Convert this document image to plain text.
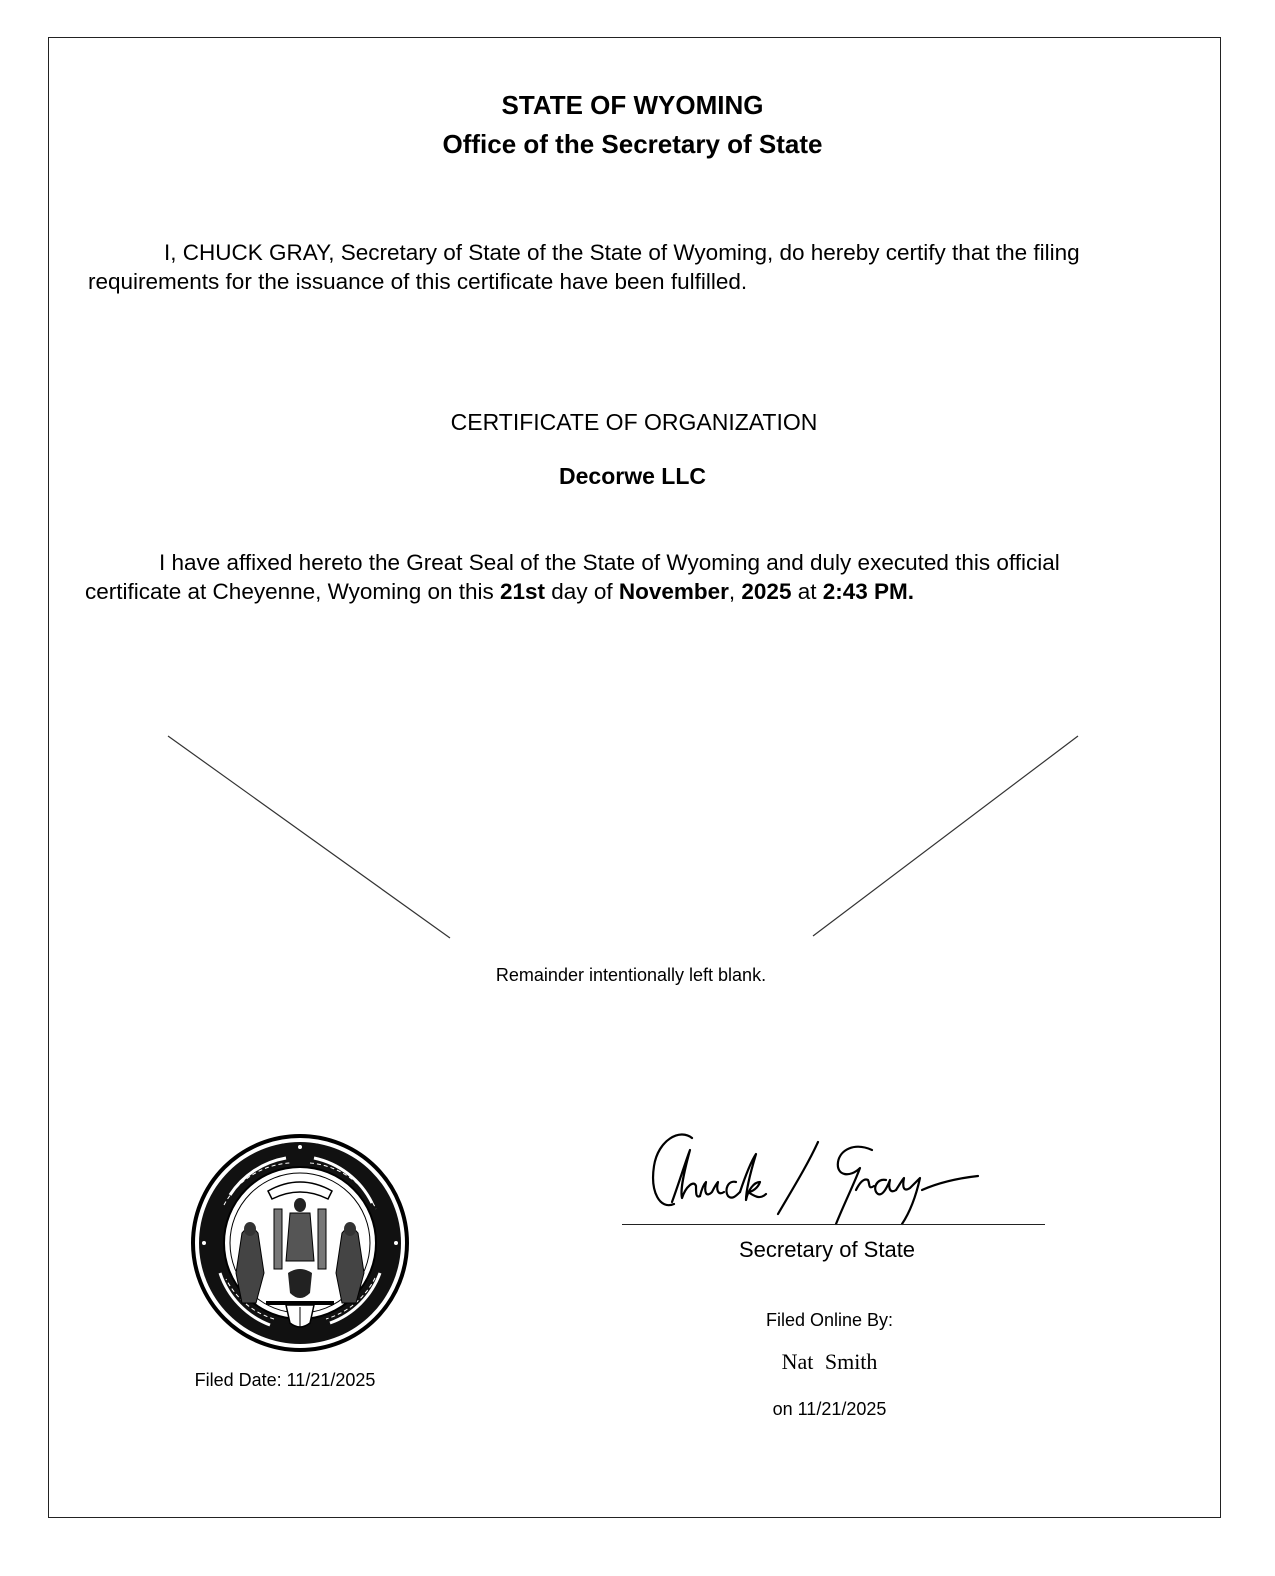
STATE OF WYOMING
Office of the Secretary of State
I, CHUCK GRAY, Secretary of State of the State of Wyoming, do hereby certify that the filing
requirements for the issuance of this certificate have been fulfilled.
CERTIFICATE OF ORGANIZATION
Decorwe LLC
I have affixed hereto the Great Seal of the State of Wyoming and duly executed this official
certificate at Cheyenne, Wyoming on this 21st day of November, 2025 at 2:43 PM.
Remainder intentionally left blank.
Filed Date: 11/21/2025
Secretary of State
Filed Online By:
Nat Smith
on 11/21/2025
